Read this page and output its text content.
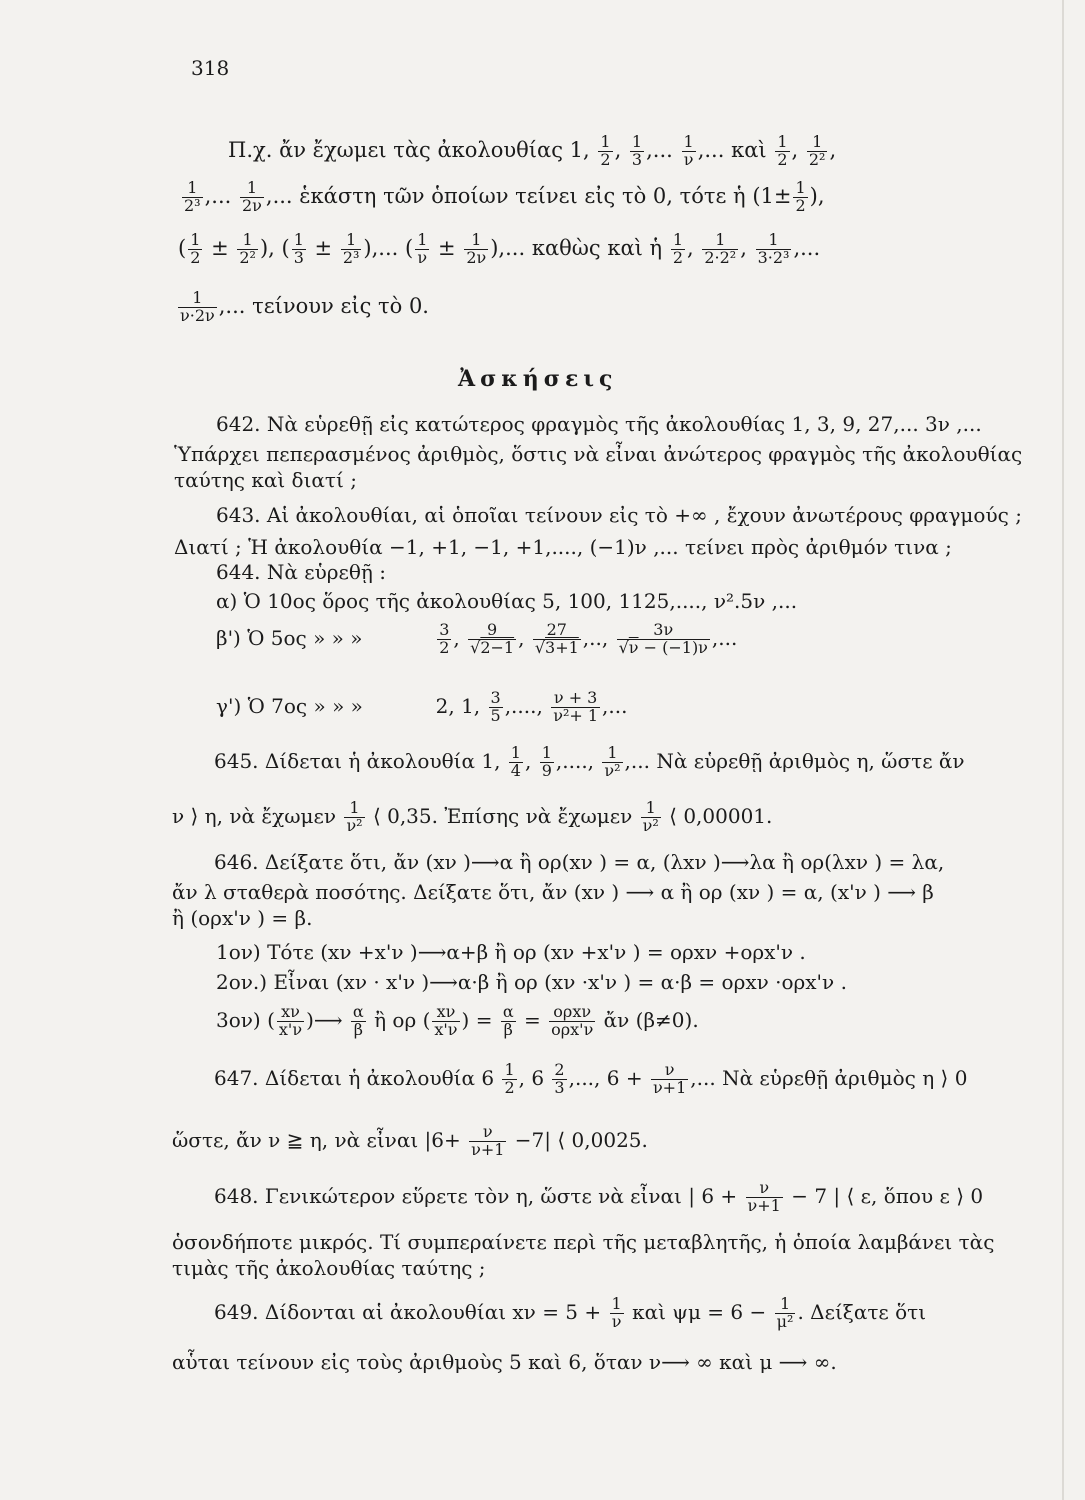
318
Π.χ. ἄν ἔχωμει τὰς ἀκολουθίας 1, $\frac{1}{2}$ , $\frac{1}{3}$ ,... $\frac{1}{\nu}$ ,... καὶ $\frac{1}{2}$ , $\frac{1}{\text{2²}}$ ,
$\frac{1}{\text{2³}}$ ,... $\frac{1}{2\nu}$ ,... ἑκάστη τῶν ὁποίων τείνει εἰς τὸ 0, τότε ἡ ($1\pm \frac{1}{2}$ ),
( $\frac{1}{2} \pm \frac{1}{\text{2²}}$ ), ( $\frac{1}{3} \pm \frac{1}{\text{2³}}$ ),... ( $\frac{1}{\nu} \pm \frac{1}{2\nu}$ ),... καθὼς καὶ ἡ $\frac{1}{2}$ , $\frac{1}{\text{2·2²}}$ , $\frac{1}{\text{3·2³}}$ ,...
$\frac{1}{\nu\cdot 2\nu}$ ,... τείνουν εἰς τὸ 0.
Ἀσκήσεις
642. Νὰ εὑρεθῇ εἰς κατώτερος φραγμὸς τῆς ἀκολουθίας 1, 3, 9, 27,... 3ν ,...
Ὑπάρχει πεπερασμένος ἀριθμὸς, ὅστις νὰ εἶναι ἀνώτερος φραγμὸς τῆς ἀκολουθίας
ταύτης καὶ διατί ;
643. Αἱ ἀκολουθίαι, αἱ ὁποῖαι τείνουν εἰς τὸ +∞ , ἔχουν ἀνωτέρους φραγμούς ;
Διατί ; Ἡ ἀκολουθία −1, +1, −1, +1,...., (−1)ν ,... τείνει πρὸς ἀριθμόν τινα ;
644. Νὰ εὑρεθῇ :
α) Ὁ 10ος ὅρος τῆς ἀκολουθίας 5, 100, 1125,...., ν².5ν ,...
β') Ὁ 5ος » » »	$\frac{3}{2}$ , $\frac{9}{√2-1}$ , $\frac{27}{√3+1}$ ,.., $\frac{3\nu}{√\nu - (-1)\nu}$ ,...
γ') Ὁ 7ος » » »	2, 1, $\frac{3}{5}$ ,...., $\frac{\nu + 3}{\text{ν²+ 1}}$ ,...
645. Δίδεται ἡ ἀκολουθία 1, $\frac{1}{4}$ , $\frac{1}{9}$ ,...., $\frac{1}{\text{ν²}}$ ,... Νὰ εὑρεθῇ ἀριθμὸς η, ὥστε ἄν
ν ⟩ η, νὰ ἔχωμεν $\frac{1}{\text{ν²}}$ ⟨ 0,35. Ἐπίσης νὰ ἔχωμεν $\frac{1}{\text{ν²}}$ ⟨ 0,00001.
646. Δείξατε ὅτι, ἄν (xν )⟶α ἢ ορ(xν ) = α, (λxν )⟶λα ἢ ορ(λxν ) = λα,
ἄν λ σταθερὰ ποσότης. Δείξατε ὅτι, ἄν (xν ) ⟶ α ἢ ορ (xν ) = α, (x'ν ) ⟶ β
ἢ (ορx'ν ) = β.
1ον) Τότε (xν +x'ν )⟶α+β ἢ ορ (xν +x'ν ) = ορxν +ορx'ν .
2ον.) Εἶναι (xν · x'ν )⟶α·β ἢ ορ (xν ·x'ν ) = α·β = ορxν ·ορx'ν .
3ον) ( $\frac{x\nu}{x'\nu}$ )⟶ $\frac{\alpha}{\beta}$ ἢ ορ ( $\frac{x\nu}{x'\nu}$ ) = $\frac{\alpha}{\beta} = \frac{\text{ορxν}}{\text{ορx'ν}}$ ἄν (β≠0).
647. Δίδεται ἡ ἀκολουθία $6 \frac{1}{2}$ , $6 \frac{2}{3}$ ,..., $6 + \frac{\nu}{\nu+1}$ ,... Νὰ εὑρεθῇ ἀριθμὸς η ⟩ 0
ὥστε, ἄν ν ≧ η, νὰ εἶναι $|6+ \frac{\nu}{\nu+1} -7|$ ⟨ 0,0025.
648. Γενικώτερον εὕρετε τὸν η, ὥστε νὰ εἶναι | $6 + \frac{\nu}{\nu+1} - 7$ | ⟨ ε, ὅπου ε ⟩ 0
ὁσονδήποτε μικρός. Τί συμπεραίνετε περὶ τῆς μεταβλητῆς, ἡ ὁποία λαμβάνει τὰς
τιμὰς τῆς ἀκολουθίας ταύτης ;
649. Δίδονται αἱ ἀκολουθίαι $x\nu = 5 + \frac{1}{\nu}$ καὶ $\psi\mu = 6 - \frac{1}{\text{μ²}}$ . Δείξατε ὅτι
αὗται τείνουν εἰς τοὺς ἀριθμοὺς 5 καὶ 6, ὅταν ν⟶ ∞ καὶ μ ⟶ ∞.
